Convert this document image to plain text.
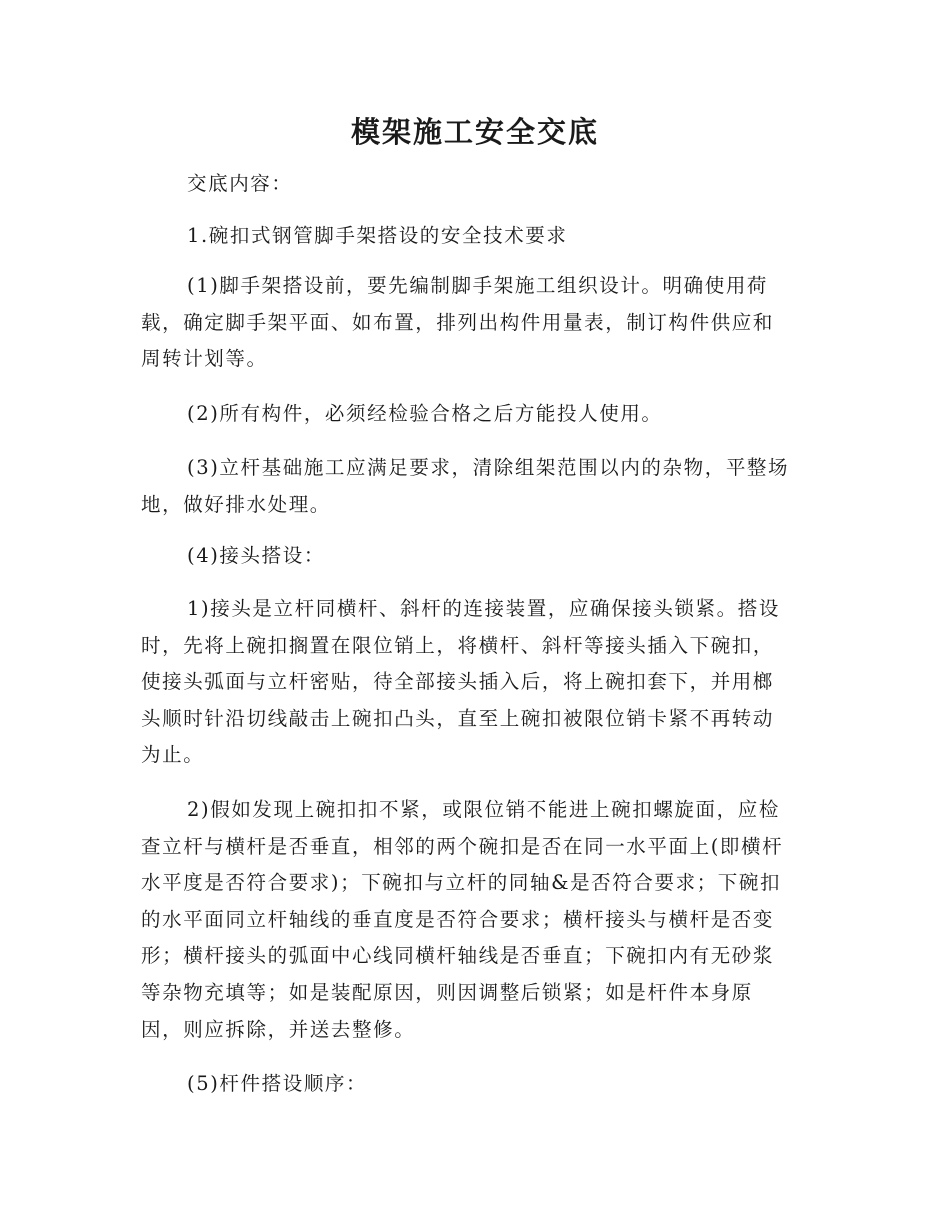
模架施工安全交底
交底内容：
1.碗扣式钢管脚手架搭设的安全技术要求
(1)脚手架搭设前，要先编制脚手架施工组织设计。明确使用荷
载，确定脚手架平面、如布置，排列出构件用量表，制订构件供应和
周转计划等。
(2)所有构件，必须经检验合格之后方能投人使用。
(3)立杆基础施工应满足要求，清除组架范围以内的杂物，平整场
地，做好排水处理。
(4)接头搭设：
1)接头是立杆同横杆、斜杆的连接装置，应确保接头锁紧。搭设
时，先将上碗扣搁置在限位销上，将横杆、斜杆等接头插入下碗扣，
使接头弧面与立杆密贴，待全部接头插入后，将上碗扣套下，并用榔
头顺时针沿切线敲击上碗扣凸头，直至上碗扣被限位销卡紧不再转动
为止。
2)假如发现上碗扣扣不紧，或限位销不能进上碗扣螺旋面，应检
查立杆与横杆是否垂直，相邻的两个碗扣是否在同一水平面上(即横杆
水平度是否符合要求)；下碗扣与立杆的同轴&是否符合要求；下碗扣
的水平面同立杆轴线的垂直度是否符合要求；横杆接头与横杆是否变
形；横杆接头的弧面中心线同横杆轴线是否垂直；下碗扣内有无砂浆
等杂物充填等；如是装配原因，则因调整后锁紧；如是杆件本身原
因，则应拆除，并送去整修。
(5)杆件搭设顺序：
